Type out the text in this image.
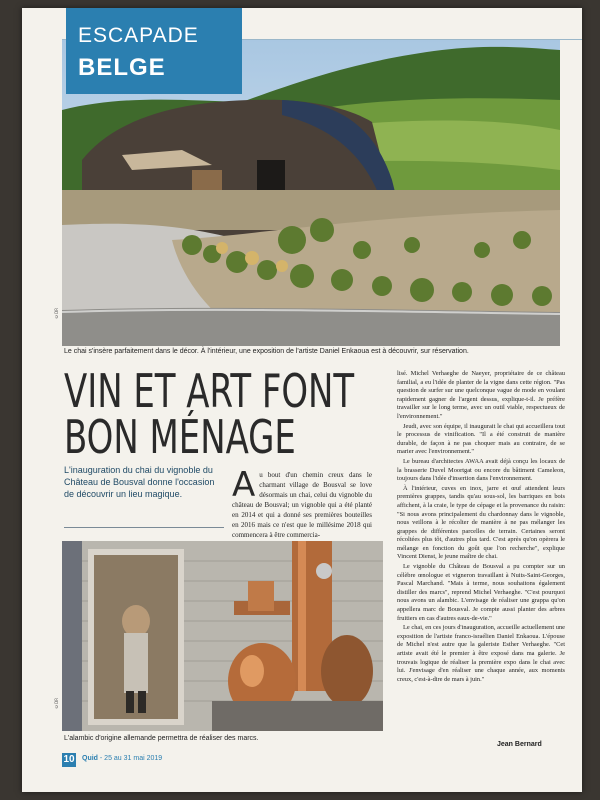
ESCAPADE
BELGE
©DR
Le chai s'insère parfaitement dans le décor. À l'intérieur, une exposition de l'artiste Daniel Enkaoua est à découvrir, sur réservation.
VIN ET ART FONT
BON MÉNAGE
L'inauguration du chai du vignoble du Château de Bousval donne l'occasion de découvrir un lieu magique.	Au bout d'un chemin creux dans le charmant village de Bousval se love désormais un chai, celui du vignoble du château de Bousval; un vignoble qui a été planté en 2014 et qui a donné ses premières bouteilles en 2016 mais ce n'est que le millésime 2018 qui commencera à être commercia-
©DR
L'alambic d'origine allemande permettra de réaliser des marcs.

lisé. Michel Verhaeghe de Naeyer, propriétaire de ce château familial, a eu l'idée de planter de la vigne dans cette région. "Pas question de surfer sur une quelconque vague de mode en voulant rapidement gagner de l'argent dessus, explique-t-il. Je préfère travailler sur le long terme, avec un outil viable, respectueux de l'environnement."

Jeudi, avec son équipe, il inaugurait le chai qui accueillera tout le processus de vinification. "Il a été construit de manière durable, de façon à ne pas choquer mais au contraire, de se marier avec l'environnement."

Le bureau d'architectes AWAA avait déjà conçu les locaux de la brasserie Duvel Moortgat ou encore du bâtiment Cameleon, toujours dans l'idée d'insertion dans l'environnement.

À l'intérieur, cuves en inox, jarre et œuf attendent leurs premières grappes, tandis qu'au sous-sol, les barriques en bois affichent, à la craie, le type de cépage et la provenance du raisin: "Si nous avons principalement du chardonnay dans le vignoble, nous veillons à le récolter de manière à ne pas mélanger les grappes de différentes parcelles de terrain. Certaines seront récoltées plus tôt, d'autres plus tard. C'est après qu'on opèrera le mélange en fonction du goût que l'on recherche", explique Vincent Dienst, le jeune maître de chai.

Le vignoble du Château de Bousval a pu compter sur un célèbre œnologue et vigneron travaillant à Nuits-Saint-Georges, Pascal Marchand. "Mais à terme, nous souhaitons également distiller des marcs", reprend Michel Verhaeghe. "C'est pourquoi nous avons un alambic. L'envisage de réaliser une grappa qu'on appellera marc de Bousval. Je compte aussi planter des arbres fruitiers en cas d'autres eaux-de-vie."

Le chai, en ces jours d'inauguration, accueille actuellement une exposition de l'artiste franco-israélien Daniel Enkaoua. L'épouse de Michel n'est autre que la galeriste Esther Verhaeghe. "Cet artiste avait été le premier à être exposé dans ma galerie. Je trouvais logique de réaliser la première expo dans le chai avec lui. J'envisage d'en réaliser une chaque année, aux moments creux, c'est-à-dire de mars à juin."

Jean Bernard
10 Quid - 25 au 31 mai 2019
